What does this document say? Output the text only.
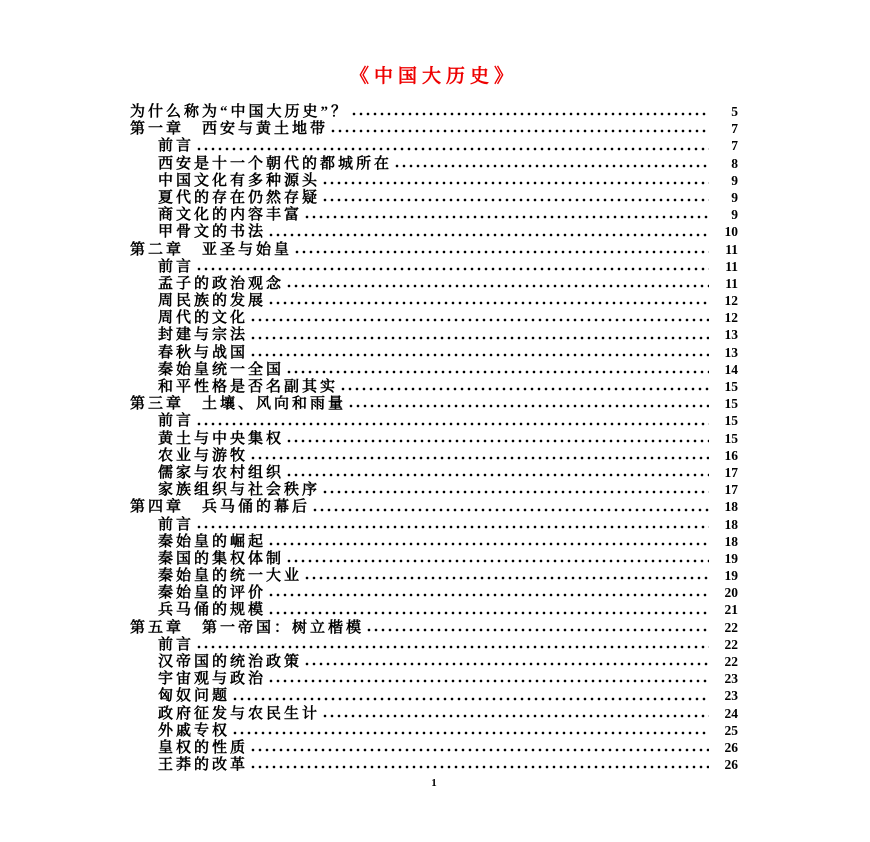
《中国大历史》
为什么称为“中国大历史”？	5
第一章　西安与黄土地带	7
前言	7
西安是十一个朝代的都城所在	8
中国文化有多种源头	9
夏代的存在仍然存疑	9
商文化的内容丰富	9
甲骨文的书法	10
第二章　亚圣与始皇	11
前言	11
孟子的政治观念	11
周民族的发展	12
周代的文化	12
封建与宗法	13
春秋与战国	13
秦始皇统一全国	14
和平性格是否名副其实	15
第三章　土壤、风向和雨量	15
前言	15
黄土与中央集权	15
农业与游牧	16
儒家与农村组织	17
家族组织与社会秩序	17
第四章　兵马俑的幕后	18
前言	18
秦始皇的崛起	18
秦国的集权体制	19
秦始皇的统一大业	19
秦始皇的评价	20
兵马俑的规模	21
第五章　第一帝国：树立楷模	22
前言	22
汉帝国的统治政策	22
宇宙观与政治	23
匈奴问题	23
政府征发与农民生计	24
外戚专权	25
皇权的性质	26
王莽的改革	26
1
